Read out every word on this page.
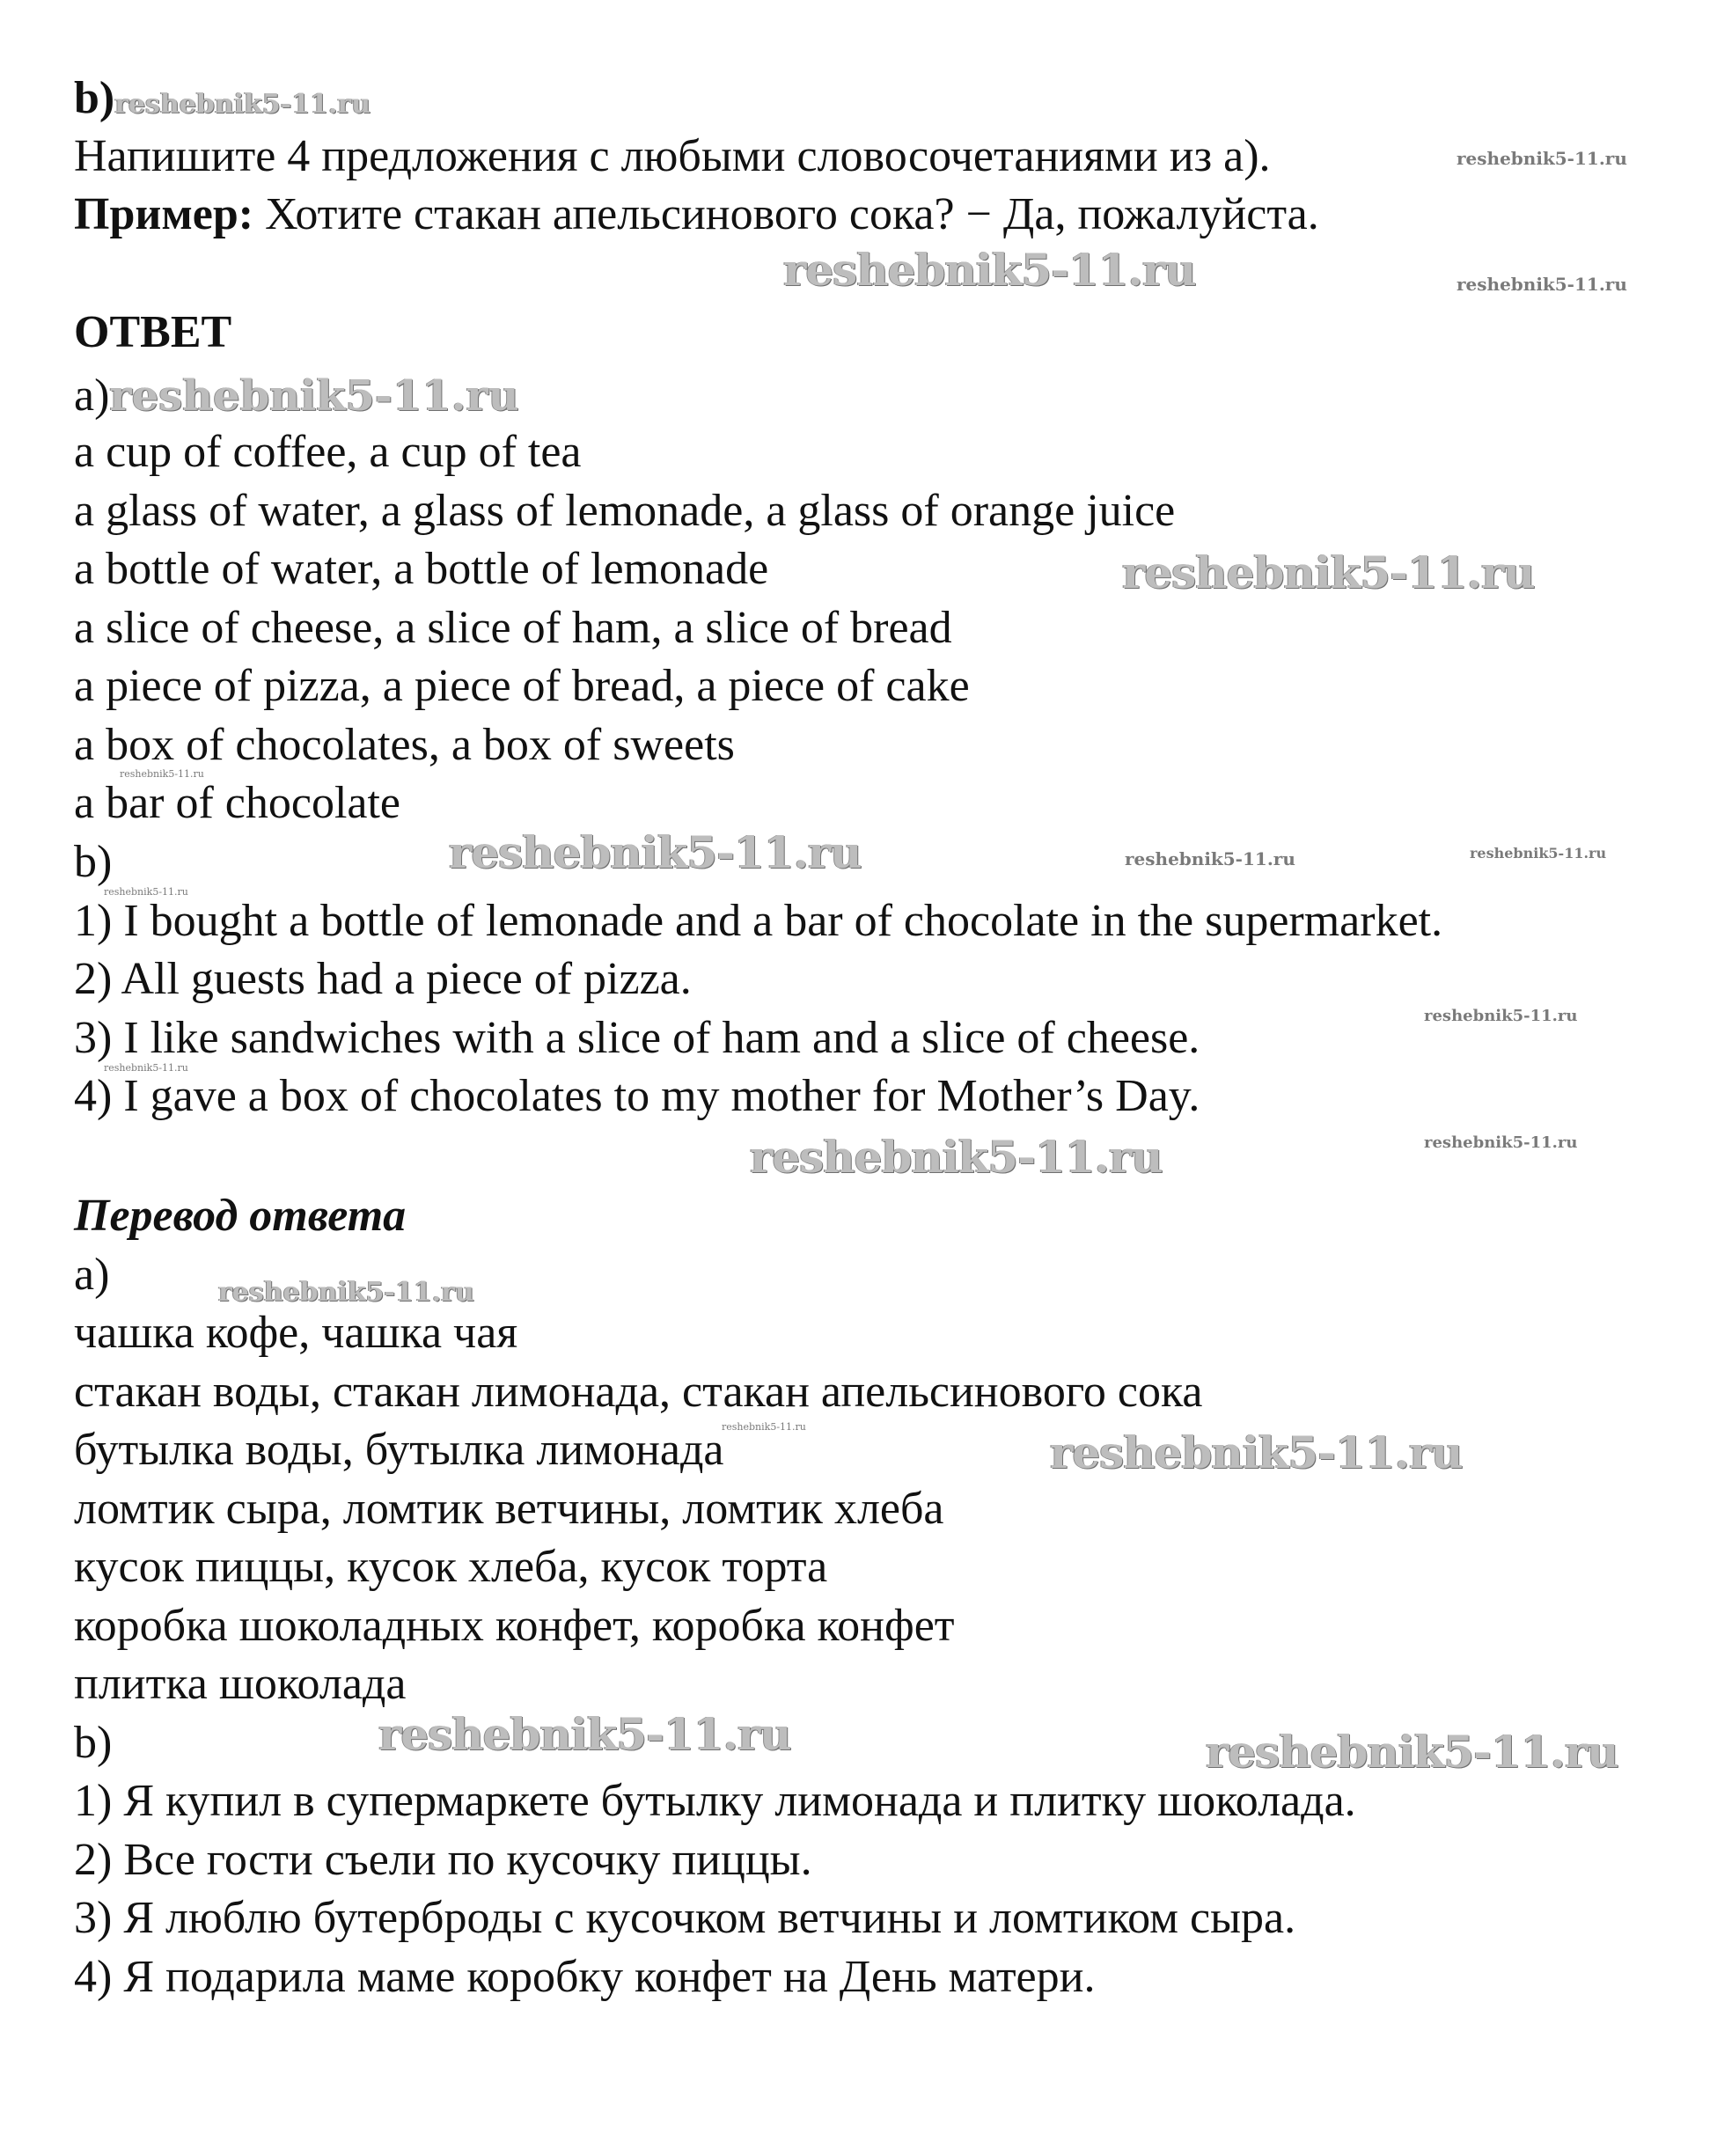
b)reshebnik5-11.ru
Напишите 4 предложения с любыми словосочетаниями из a).	reshebnik5-11.ru
Пример: Хотите стакан апельсинового сока? − Да, пожалуйста.
reshebnik5-11.ru	reshebnik5-11.ru
ОТВЕТ
a)reshebnik5-11.ru
a cup of coffee, a cup of tea
a glass of water, a glass of lemonade, a glass of orange juice
a bottle of water, a bottle of lemonade	reshebnik5-11.ru
a slice of cheese, a slice of ham, a slice of bread
a piece of pizza, a piece of bread, a piece of cake
a box of chocolates, a box of sweets
reshebnik5-11.ru
a bar of chocolate
b)	reshebnik5-11.ru	reshebnik5-11.ru	reshebnik5-11.ru
reshebnik5-11.ru
1) I bought a bottle of lemonade and a bar of chocolate in the supermarket.
2) All guests had a piece of pizza.
reshebnik5-11.ru
3) I like sandwiches with a slice of ham and a slice of cheese.
reshebnik5-11.ru
4) I gave a box of chocolates to my mother for Mother’s Day.
reshebnik5-11.ru	reshebnik5-11.ru
Перевод ответа
a)	reshebnik5-11.ru
чашка кофе, чашка чая
стакан воды, стакан лимонада, стакан апельсинового сока
reshebnik5-11.ru
бутылка воды, бутылка лимонада	reshebnik5-11.ru
ломтик сыра, ломтик ветчины, ломтик хлеба
кусок пиццы, кусок хлеба, кусок торта
коробка шоколадных конфет, коробка конфет
плитка шоколада
b)	reshebnik5-11.ru	reshebnik5-11.ru
1) Я купил в супермаркете бутылку лимонада и плитку шоколада.
2) Все гости съели по кусочку пиццы.
3) Я люблю бутерброды с кусочком ветчины и ломтиком сыра.
4) Я подарила маме коробку конфет на День матери.
